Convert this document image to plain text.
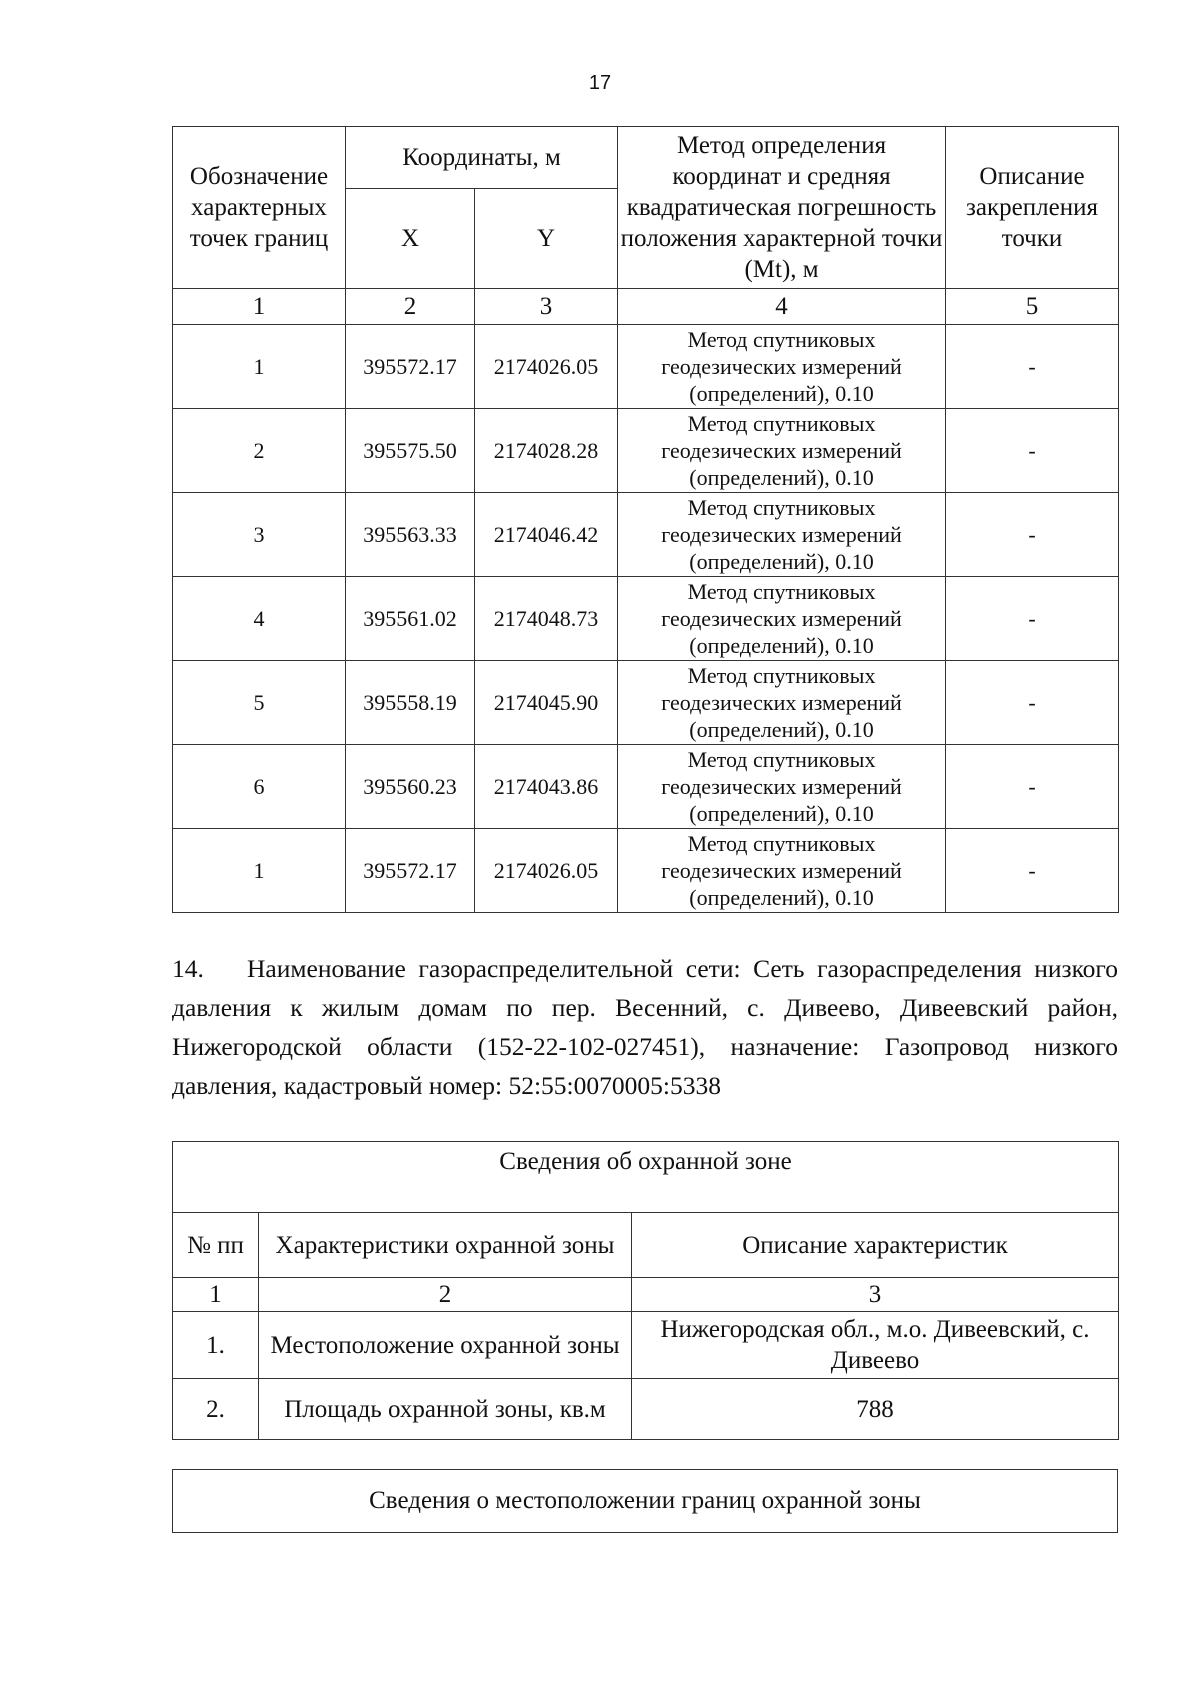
17
Обозначение характерных точек границ	Координаты, м		Метод определения координат и средняя квадратическая погрешность положения характерной точки (Mt), м	Описание закрепления точки
	X	Y		
1	2	3	4	5
1	395572.17	2174026.05	Метод спутниковых геодезических измерений (определений), 0.10	-
2	395575.50	2174028.28	Метод спутниковых геодезических измерений (определений), 0.10	-
3	395563.33	2174046.42	Метод спутниковых геодезических измерений (определений), 0.10	-
4	395561.02	2174048.73	Метод спутниковых геодезических измерений (определений), 0.10	-
5	395558.19	2174045.90	Метод спутниковых геодезических измерений (определений), 0.10	-
6	395560.23	2174043.86	Метод спутниковых геодезических измерений (определений), 0.10	-
1	395572.17	2174026.05	Метод спутниковых геодезических измерений (определений), 0.10	-
14. Наименование газораспределительной сети: Сеть газораспределения низкого давления к жилым домам по пер. Весенний, с. Дивеево, Дивеевский район, Нижегородской области (152-22-102-027451), назначение: Газопровод низкого давления, кадастровый номер: 52:55:0070005:5338
Сведения об охранной зоне		
№ пп	Характеристики охранной зоны	Описание характеристик
1	2	3
1.	Местоположение охранной зоны	Нижегородская обл., м.о. Дивеевский, с. Дивеево
2.	Площадь охранной зоны, кв.м	788
Сведения о местоположении границ охранной зоны
